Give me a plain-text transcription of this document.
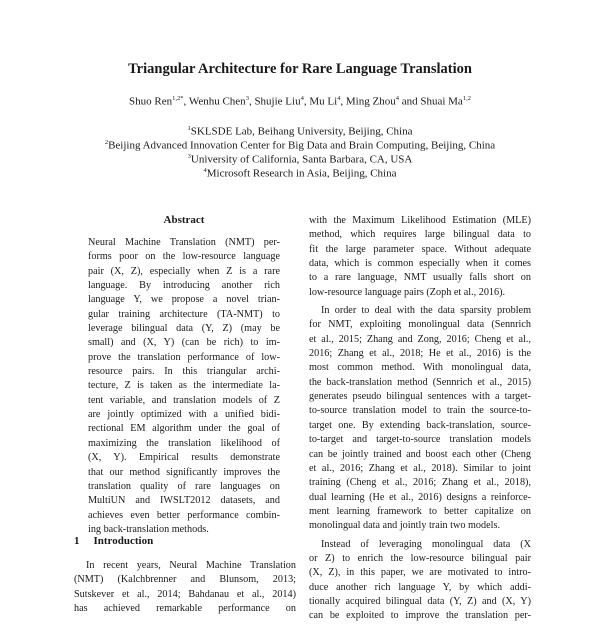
Triangular Architecture for Rare Language Translation
Shuo Ren$^{1,2*}$, Wenhu Chen$^3$, Shujie Liu$^4$, Mu Li$^4$, Ming Zhou$^4$ and Shuai Ma$^{1,2}$
$^1$SKLSDE Lab, Beihang University, Beijing, China
$^2$Beijing Advanced Innovation Center for Big Data and Brain Computing, Beijing, China
$^3$University of California, Santa Barbara, CA, USA
$^4$Microsoft Research in Asia, Beijing, China
Abstract
Neural Machine Translation (NMT) per-
forms poor on the low-resource language
pair (X, Z), especially when Z is a rare
language. By introducing another rich
language Y, we propose a novel trian-
gular training architecture (TA-NMT) to
leverage bilingual data (Y, Z) (may be
small) and (X, Y) (can be rich) to im-
prove the translation performance of low-
resource pairs. In this triangular archi-
tecture, Z is taken as the intermediate la-
tent variable, and translation models of Z
are jointly optimized with a unified bidi-
rectional EM algorithm under the goal of
maximizing the translation likelihood of
(X, Y). Empirical results demonstrate
that our method significantly improves the
translation quality of rare languages on
MultiUN and IWSLT2012 datasets, and
achieves even better performance combin-
ing back-translation methods.
1 Introduction
In recent years, Neural Machine Translation
(NMT) (Kalchbrenner and Blunsom, 2013;
Sutskever et al., 2014; Bahdanau et al., 2014)
has achieved remarkable performance on
with the Maximum Likelihood Estimation (MLE)
method, which requires large bilingual data to
fit the large parameter space. Without adequate
data, which is common especially when it comes
to a rare language, NMT usually falls short on
low-resource language pairs (Zoph et al., 2016).
In order to deal with the data sparsity problem
for NMT, exploiting monolingual data (Sennrich
et al., 2015; Zhang and Zong, 2016; Cheng et al.,
2016; Zhang et al., 2018; He et al., 2016) is the
most common method. With monolingual data,
the back-translation method (Sennrich et al., 2015)
generates pseudo bilingual sentences with a target-
to-source translation model to train the source-to-
target one. By extending back-translation, source-
to-target and target-to-source translation models
can be jointly trained and boost each other (Cheng
et al., 2016; Zhang et al., 2018). Similar to joint
training (Cheng et al., 2016; Zhang et al., 2018),
dual learning (He et al., 2016) designs a reinforce-
ment learning framework to better capitalize on
monolingual data and jointly train two models.
Instead of leveraging monolingual data (X
or Z) to enrich the low-resource bilingual pair
(X, Z), in this paper, we are motivated to intro-
duce another rich language Y, by which addi-
tionally acquired bilingual data (Y, Z) and (X, Y)
can be exploited to improve the translation per-
